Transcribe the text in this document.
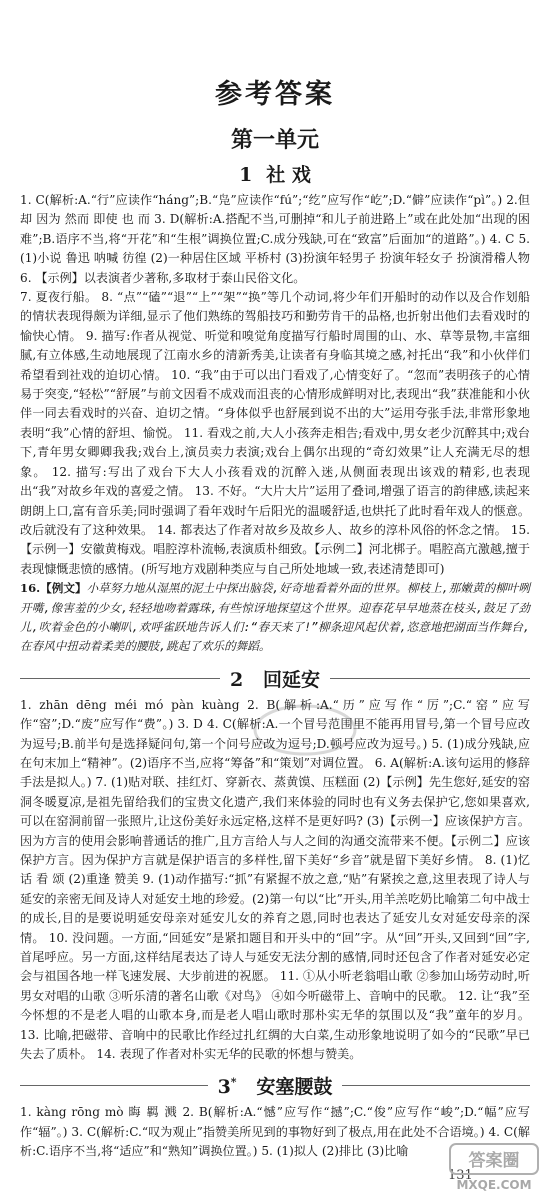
参考答案
第一单元
1 社 戏

1. C(解析:A.“行”应读作“háng”;B.“凫”应读作“fú”;“纥”应写作“屹”;D.“僻”应读作“pì”。) 2.但 却 因为 然而 即使 也 而 3. D(解析:A.搭配不当,可删掉“和儿子前进路上”或在此处加“出现的困难”;B.语序不当,将“开花”和“生根”调换位置;C.成分残缺,可在“致富”后面加“的道路”。) 4. C 5. (1)小说 鲁迅 呐喊 彷徨 (2)一种居住区域 平桥村 (3)扮演年轻男子 扮演年轻女子 扮演滑稽人物 6. 【示例】以表演者少著称,多取材于泰山民俗文化。

7. 夏夜行船。 8. “点”“磕”“退”“上”“架”“换”等几个动词,将少年们开船时的动作以及合作划船的情状表现得颇为详细,显示了他们熟练的驾船技巧和勤劳肯干的品格,也折射出他们去看戏时的愉快心情。 9. 描写:作者从视觉、听觉和嗅觉角度描写行船时周围的山、水、草等景物,丰富细腻,有立体感,生动地展现了江南水乡的清新秀美,让读者有身临其境之感,衬托出“我”和小伙伴们希望看到社戏的迫切心情。 10. “我”由于可以出门看戏了,心情变好了。“忽而”表明孩子的心情易于突变,“轻松”“舒展”与前文因看不成戏而沮丧的心情形成鲜明对比,表现出“我”获准能和小伙伴一同去看戏时的兴奋、迫切之情。“身体似乎也舒展到说不出的大”运用夸张手法,非常形象地表明“我”心情的舒坦、愉悦。 11. 看戏之前,大人小孩奔走相告;看戏中,男女老少沉醉其中;戏台下,青年男女卿卿我我;戏台上,演员卖力表演;戏台上偶尔出现的“奇幻效果”让人充满无尽的想象。 12. 描写:写出了戏台下大人小孩看戏的沉醉入迷,从侧面表现出该戏的精彩,也表现出“我”对故乡年戏的喜爱之情。 13. 不好。“大片大片”运用了叠词,增强了语言的韵律感,读起来朗朗上口,富有音乐美;同时强调了看年戏时午后阳光的温暖舒适,也烘托了此时看年戏人的惬意。改后就没有了这种效果。 14. 都表达了作者对故乡及故乡人、故乡的淳朴风俗的怀念之情。 15. 【示例一】安徽黄梅戏。唱腔淳朴流畅,表演质朴细致。【示例二】河北梆子。唱腔高亢激越,擅于表现慷慨悲愤的感情。(所写地方戏剧种类应与自己所处地域一致,表述清楚即可)

16.【例文】小草努力地从湿黑的泥土中探出脑袋,好奇地看着外面的世界。柳枝上,那嫩黄的柳叶咧开嘴,像害羞的少女,轻轻地吻着露珠,有些惊讶地探望这个世界。迎春花早早地蒸在枝头,鼓足了劲儿,吹着金色的小喇叭,欢呼雀跃地告诉人们:“春天来了!”柳条迎风起伏着,恣意地把湖面当作舞台,在春风中扭动着柔美的腰肢,跳起了欢乐的舞蹈。

2 回延安

1. zhān dēng méi mó pàn kuàng 2. B(解析:A.“历”应写作“厉”;C.“窑”应写作“窑”;D.“废”应写作“费”。) 3. D 4. C(解析:A.一个冒号范围里不能再用冒号,第一个冒号应改为逗号;B.前半句是选择疑问句,第一个问号应改为逗号;D.顿号应改为逗号。) 5. (1)成分残缺,应在句末加上“精神”。(2)语序不当,应将“筹备”和“策划”对调位置。 6. A(解析:A.该句运用的修辞手法是拟人。) 7. (1)贴对联、挂红灯、穿新衣、蒸黄馍、压糕面 (2)【示例】先生您好,延安的窑洞冬暖夏凉,是祖先留给我们的宝贵文化遗产,我们来体验的同时也有义务去保护它,您如果喜欢,可以在窑洞前留一张照片,让这份美好永远定格,这样不是更好吗? (3)【示例一】应该保护方言。因为方言的使用会影响普通话的推广,且方言给人与人之间的沟通交流带来不便。【示例二】应该保护方言。因为保护方言就是保护语言的多样性,留下美好“乡音”就是留下美好乡情。 8. (1)忆 话 看 颂 (2)重逢 赞美 9. (1)动作描写:“抓”有紧握不放之意,“贴”有紧挨之意,这里表现了诗人与延安的亲密无间及诗人对延安土地的珍爱。(2)第一句以“比”开头,用羊羔吃奶比喻第二句中战士的成长,目的是要说明延安母亲对延安儿女的养育之恩,同时也表达了延安儿女对延安母亲的深情。 10. 没问题。一方面,“回延安”是紧扣题目和开头中的“回”字。从“回”开头,又回到“回”字,首尾呼应。另一方面,这样结尾表达了诗人与延安无法分割的感情,同时还包含了作者对延安必定会与祖国各地一样飞速发展、大步前进的祝愿。 11. ①从小听老翁唱山歌 ②参加山场劳动时,听男女对唱的山歌 ③听乐清的著名山歌《对鸟》 ④如今听磁带上、音响中的民歌。 12. 让“我”至今怀想的不是老人唱的山歌本身,而是老人唱山歌时那朴实无华的氛围以及“我”童年的岁月。 13. 比喻,把磁带、音响中的民歌比作经过扎红绸的大白菜,生动形象地说明了如今的“民歌”早已失去了质朴。 14. 表现了作者对朴实无华的民歌的怀想与赞美。

3* 安塞腰鼓

1. kàng rōng mò 晦 羁 溅 2. B(解析:A.“憾”应写作“撼”;C.“俊”应写作“峻”;D.“幅”应写作“辐”。) 3. C(解析:C.“叹为观止”指赞美所见到的事物好到了极点,用在此处不合语境。) 4. C(解析:C.语序不当,将“适应”和“熟知”调换位置。) 5. (1)拟人 (2)排比 (3)比喻

131
答案圈
MXQE.COM
